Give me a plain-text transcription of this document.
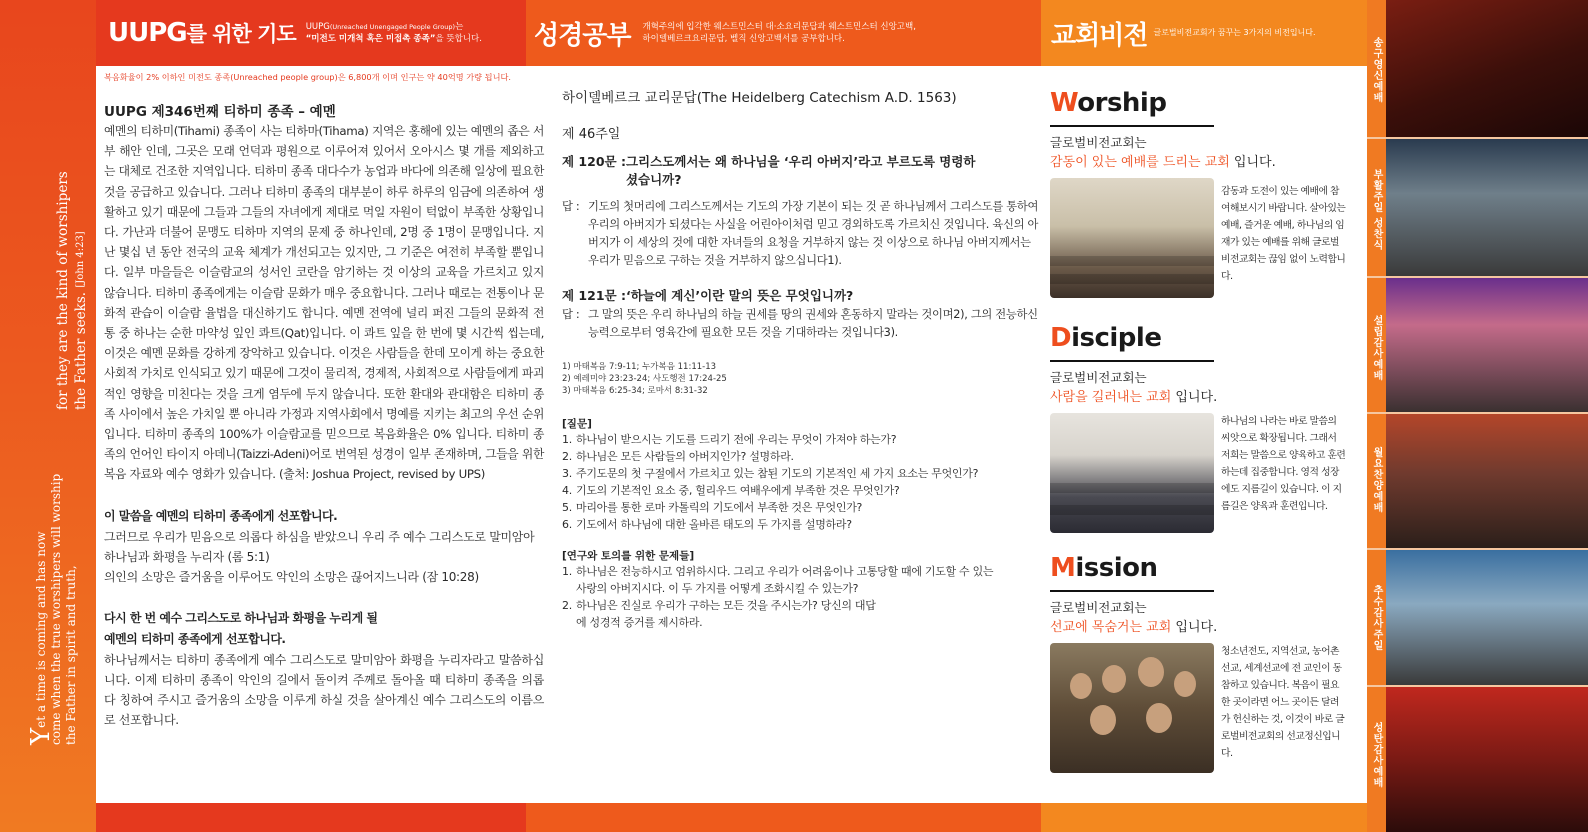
for they are the kind of worshipers the Father seeks. [John 4:23]
Yet a time is coming and has now come when the true worshipers will worship the Father in spirit and truth,
UUPG를 위한 기도 UUPG(Unreached Unengaged People Group)는
“미전도 미개척 혹은 미접촉 종족”을 뜻합니다. 성경공부 개혁주의에 입각한 웨스트민스터 대·소요리문답과 웨스트민스터 신앙고백,
하이델베르크요리문답, 벨직 신앙고백서를 공부합니다.	교회비전 글로벌비전교회가 꿈꾸는 3가지의 비전입니다.
복음화율이 2% 이하인 미전도 종족(Unreached people group)은 6,800개 이며 인구는 약 40억명 가량 됩니다.
UUPG 제346번째 티하미 종족 – 예멘
예멘의 티하미(Tihami) 종족이 사는 티하마(Tihama) 지역은 홍해에 있는 예멘의 좁은 서부 해안 인데, 그곳은 모래 언덕과 평원으로 이루어져 있어서 오아시스 몇 개를 제외하고는 대체로 건조한 지역입니다. 티하미 종족 대다수가 농업과 바다에 의존해 일상에 필요한 것을 공급하고 있습니다. 그러나 티하미 종족의 대부분이 하루 하루의 임금에 의존하여 생활하고 있기 때문에 그들과 그들의 자녀에게 제대로 먹일 자원이 턱없이 부족한 상황입니다. 가난과 더불어 문맹도 티하마 지역의 문제 중 하나인데, 2명 중 1명이 문맹입니다. 지난 몇십 년 동안 전국의 교육 체계가 개선되고는 있지만, 그 기준은 여전히 부족할 뿐입니다. 일부 마을들은 이슬람교의 성서인 코란을 암기하는 것 이상의 교육을 가르치고 있지 않습니다. 티하미 종족에게는 이슬람 문화가 매우 중요합니다. 그러나 때로는 전통이나 문화적 관습이 이슬람 율법을 대신하기도 합니다. 예멘 전역에 널리 퍼진 그들의 문화적 전통 중 하나는 순한 마약성 잎인 콰트(Qat)입니다. 이 콰트 잎을 한 번에 몇 시간씩 씹는데, 이것은 예멘 문화를 강하게 장악하고 있습니다. 이것은 사람들을 한데 모이게 하는 중요한 사회적 가치로 인식되고 있기 때문에 그것이 물리적, 경제적, 사회적으로 사람들에게 파괴적인 영향을 미친다는 것을 크게 염두에 두지 않습니다. 또한 환대와 관대함은 티하미 종족 사이에서 높은 가치일 뿐 아니라 가정과 지역사회에서 명예를 지키는 최고의 우선 순위입니다. 티하미 종족의 100%가 이슬람교를 믿으므로 복음화율은 0% 입니다. 티하미 종족의 언어인 타이지 아데니(Taizzi-Adeni)어로 번역된 성경이 일부 존재하며, 그들을 위한 복음 자료와 예수 영화가 있습니다. (출처: Joshua Project, revised by UPS)
이 말씀을 예멘의 티하미 종족에게 선포합니다.
그러므로 우리가 믿음으로 의롭다 하심을 받았으니 우리 주 예수 그리스도로 말미암아 하나님과 화평을 누리자 (롬 5:1)
의인의 소망은 즐거움을 이루어도 악인의 소망은 끊어지느니라 (잠 10:28)
다시 한 번 예수 그리스도로 하나님과 화평을 누리게 될
예멘의 티하미 종족에게 선포합니다.
하나님께서는 티하미 종족에게 예수 그리스도로 말미암아 화평을 누리자라고 말씀하십니다. 이제 티하미 종족이 악인의 길에서 돌이켜 주께로 돌아올 때 티하미 종족을 의롭다 칭하여 주시고 즐거움의 소망을 이루게 하실 것을 살아계신 예수 그리스도의 이름으로 선포합니다.
하이델베르크 교리문답(The Heidelberg Catechism A.D. 1563)
제 46주일
제 120문 : 그리스도께서는 왜 하나님을 ‘우리 아버지’라고 부르도록 명령하셨습니까?
답 : 기도의 첫머리에 그리스도께서는 기도의 가장 기본이 되는 것 곧 하나님께서 그리스도를 통하여 우리의 아버지가 되셨다는 사실을 어린아이처럼 믿고 경외하도록 가르치신 것입니다. 육신의 아버지가 이 세상의 것에 대한 자녀들의 요청을 거부하지 않는 것 이상으로 하나님 아버지께서는 우리가 믿음으로 구하는 것을 거부하지 않으십니다1).
제 121문 : ‘하늘에 계신’이란 말의 뜻은 무엇입니까?
답 : 그 말의 뜻은 우리 하나님의 하늘 권세를 땅의 권세와 혼동하지 말라는 것이며2), 그의 전능하신 능력으로부터 영육간에 필요한 모든 것을 기대하라는 것입니다3).
1) 마태복음 7:9-11; 누가복음 11:11-13
2) 예레미야 23:23-24; 사도행전 17:24-25
3) 마태복음 6:25-34; 로마서 8:31-32
[질문]
1. 하나님이 받으시는 기도를 드리기 전에 우리는 무엇이 가져야 하는가?
2. 하나님은 모든 사람들의 아버지인가? 설명하라.
3. 주기도문의 첫 구절에서 가르치고 있는 참된 기도의 기본적인 세 가지 요소는 무엇인가?
4. 기도의 기본적인 요소 중, 헐리우드 여배우에게 부족한 것은 무엇인가?
5. 마리아를 통한 로마 카톨릭의 기도에서 부족한 것은 무엇인가?
6. 기도에서 하나님에 대한 올바른 태도의 두 가지를 설명하라?
[연구와 토의를 위한 문제들]
1. 하나님은 전능하시고 엄위하시다. 그리고 우리가 어려움이나 고통당할 때에 기도할 수 있는 사랑의 아버지시다. 이 두 가지를 어떻게 조화시킬 수 있는가?
2. 하나님은 진실로 우리가 구하는 모든 것을 주시는가? 당신의 대답에 성경적 증거를 제시하라.
Worship
글로벌비전교회는
감동이 있는 예배를 드리는 교회 입니다.
감동과 도전이 있는 예배에 참여해보시기 바랍니다. 살아있는 예배, 즐거운 예배, 하나님의 임재가 있는 예배를 위해 글로벌비전교회는 끊임 없이 노력합니다.
Disciple
글로벌비전교회는
사람을 길러내는 교회 입니다.
하나님의 나라는 바로 말씀의 씨앗으로 확장됩니다. 그래서 저희는 말씀으로 양육하고 훈련하는데 집중합니다. 영적 성장에도 지름길이 있습니다. 이 지름길은 양육과 훈련입니다.
Mission
글로벌비전교회는
선교에 목숨거는 교회 입니다.
청소년전도, 지역선교, 농어촌선교, 세계선교에 전 교인이 동참하고 있습니다. 복음이 필요한 곳이라면 어느 곳이든 달려가 헌신하는 것, 이것이 바로 글로벌비전교회의 선교정신입니다.
송구영신예배
부활주일 성찬식
설립감사예배
월요찬양예배
추수감사주일
성탄감사예배
